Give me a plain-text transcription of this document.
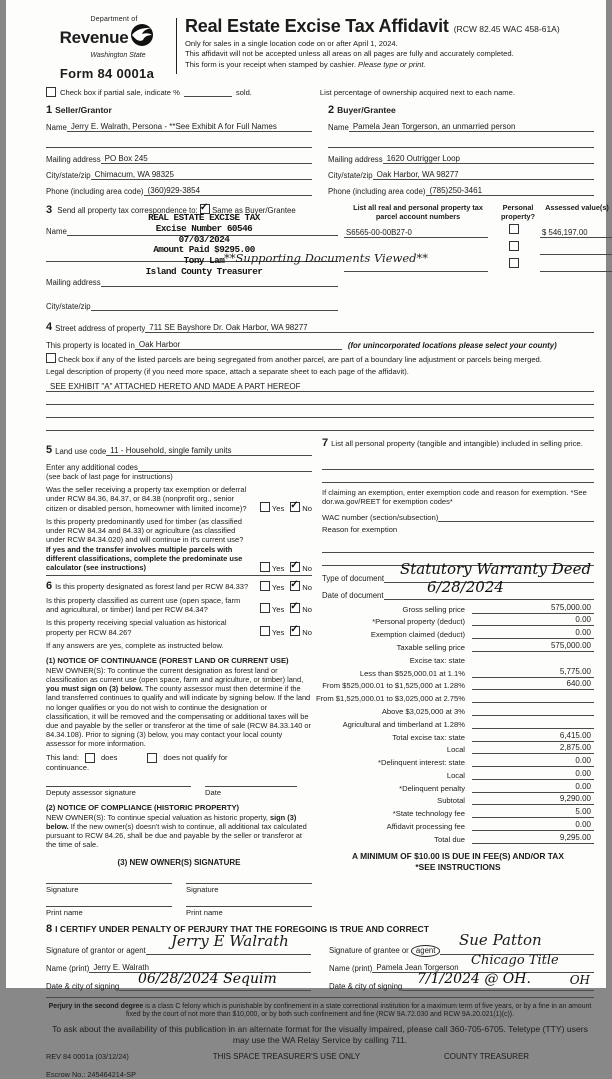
Department of
Revenue
Washington State
Form 84 0001a
Real Estate Excise Tax Affidavit (RCW 82.45 WAC 458-61A)
Only for sales in a single location code on or after April 1, 2024.
This affidavit will not be accepted unless all areas on all pages are fully and accurately completed.
This form is your receipt when stamped by cashier. Please type or print.
Check box if partial sale, indicate %	sold.	List percentage of ownership acquired next to each name.
1 Seller/Grantor
Name Jerry E. Walrath, Persona - **See Exhibit A for Full Names
Mailing address PO Box 245
City/state/zip Chimacum, WA 98325
Phone (including area code) (360)929-3854
2 Buyer/Grantee
Name Pamela Jean Torgerson, an unmarried person
Mailing address 1620 Outrigger Loop
City/state/zip Oak Harbor, WA 98277
Phone (including area code) (785)250-3461
3 Send all property tax correspondence to: ✓ Same as Buyer/Grantee
REAL ESTATE EXCISE TAX
Excise Number 60546
07/03/2024
Amount Paid $9295.00
Tony Lam
Island County Treasurer
Name
Mailing address
City/state/zip
List all real and personal property tax parcel account numbers
Personal property?
Assessed value(s)
S6565-00-00B27-0	$ 546,197.00
**Supporting Documents Viewed**
4 Street address of property 711 SE Bayshore Dr. Oak Harbor, WA 98277
This property is located in Oak Harbor	(for unincorporated locations please select your county)
Check box if any of the listed parcels are being segregated from another parcel, are part of a boundary line adjustment or parcels being merged.
Legal description of property (if you need more space, attach a separate sheet to each page of the affidavit).
SEE EXHIBIT "A" ATTACHED HERETO AND MADE A PART HEREOF
5 Land use code 11 - Household, single family units
Enter any additional codes
(see back of last page for instructions)
Was the seller receiving a property tax exemption or deferral under RCW 84.36, 84.37, or 84.38 (nonprofit org., senior citizen or disabled person, homeowner with limited income)?	Yes ✓ No
Is this property predominantly used for timber (as classified under RCW 84.34 and 84.33) or agriculture (as classified under RCW 84.34.020) and will continue in it's current use? If yes and the transfer involves multiple parcels with different classifications, complete the predominate use calculator (see instructions)	Yes ✓ No
6 Is this property designated as forest land per RCW 84.33?	Yes ✓ No
Is this property classified as current use (open space, farm and agricultural, or timber) land per RCW 84.34?	Yes ✓ No
Is this property receiving special valuation as historical property per RCW 84.26?	Yes ✓ No
If any answers are yes, complete as instructed below.
(1) NOTICE OF CONTINUANCE (FOREST LAND OR CURRENT USE)
NEW OWNER(S): To continue the current designation as forest land or classification as current use (open space, farm and agriculture, or timber) land, you must sign on (3) below. The county assessor must then determine if the land transferred continues to qualify and will indicate by signing below. If the land no longer qualifies or you do not wish to continue the designation or classification, it will be removed and the compensating or additional taxes will be due and payable by the seller or transferor at the time of sale (RCW 84.33.140 or 84.34.108). Prior to signing (3) below, you may contact your local county assessor for more information.
This land:	does	does not qualify for
continuance.
Deputy assessor signature	Date
(2) NOTICE OF COMPLIANCE (HISTORIC PROPERTY)
NEW OWNER(S): To continue special valuation as historic property, sign (3) below. If the new owner(s) doesn't wish to continue, all additional tax calculated pursuant to RCW 84.26, shall be due and payable by the seller or transferor at the time of sale.
(3) NEW OWNER(S) SIGNATURE
Signature	Signature
Print name	Print name
7 List all personal property (tangible and intangible) included in selling price.
If claiming an exemption, enter exemption code and reason for exemption. *See dor.wa.gov/REET for exemption codes*
WAC number (section/subsection)
Reason for exemption
Type of document
Statutory Warranty Deed
Date of document	6/28/2024
Gross selling price	575,000.00
*Personal property (deduct)	0.00
Exemption claimed (deduct)	0.00
Taxable selling price	575,000.00
Excise tax: state
Less than $525,000.01 at 1.1%	5,775.00
From $525,000.01 to $1,525,000 at 1.28%	640.00
From $1,525,000.01 to $3,025,000 at 2.75%
Above $3,025,000 at 3%
Agricultural and timberland at 1.28%
Total excise tax: state	6,415.00
Local	2,875.00
*Delinquent interest: state	0.00
Local	0.00
*Delinquent penalty	0.00
Subtotal	9,290.00
*State technology fee	5.00
Affidavit processing fee	0.00
Total due	9,295.00
A MINIMUM OF $10.00 IS DUE IN FEE(S) AND/OR TAX
*SEE INSTRUCTIONS
8 I CERTIFY UNDER PENALTY OF PERJURY THAT THE FOREGOING IS TRUE AND CORRECT
Signature of grantor or agent
Jerry E Walrath
Name (print) Jerry E. Walrath
Date & city of signing 06/28/2024 Sequim
Signature of grantee or agent
Sue Patton
Name (print) Pamela Jean Torgerson Chicago Title
Date & city of signing 7/1/2024 @ OH.	OH
Perjury in the second degree is a class C felony which is punishable by confinement in a state correctional institution for a maximum term of five years, or by a fine in an amount fixed by the court of not more than $10,000, or by both such confinement and fine (RCW 9A.72.030 and RCW 9A.20.021(1)(c)).
To ask about the availability of this publication in an alternate format for the visually impaired, please call 360-705-6705. Teletype (TTY) users may use the WA Relay Service by calling 711.
REV 84 0001a (03/12/24)	THIS SPACE TREASURER'S USE ONLY	COUNTY TREASURER
Escrow No.: 245464214-SP
